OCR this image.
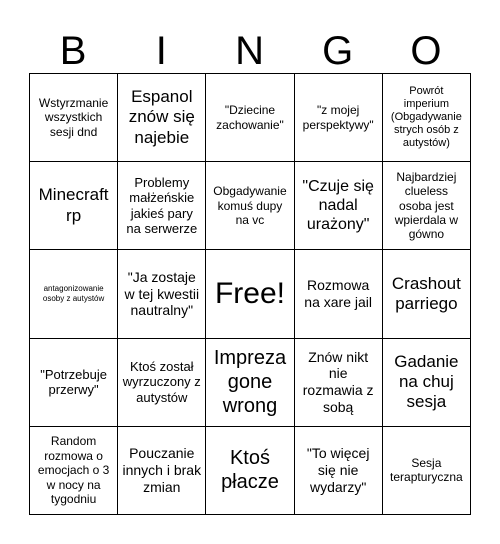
B	I	N	G	O
Wstyrzmanie wszystkich sesji dnd	Espanol znów się najebie	"Dziecine zachowanie"	"z mojej perspektywy"	Powrót imperium (Obgadywanie strych osób z autystów)
Minecraft rp	Problemy małżeńskie jakieś pary na serwerze	Obgadywanie komuś dupy na vc	"Czuje się nadal urażony"	Najbardziej clueless osoba jest wpierdala w gówno
antagonizowanie osoby z autystów	"Ja zostaje w tej kwestii nautralny"	Free!	Rozmowa na xare jail	Crashout parriego
"Potrzebuje przerwy"	Ktoś został wyrzuczony z autystów	Impreza gone wrong	Znów nikt nie rozmawia z sobą	Gadanie na chuj sesja
Random rozmowa o emocjach o 3 w nocy na tygodniu	Pouczanie innych i brak zmian	Ktoś płacze	"To więcej się nie wydarzy"	Sesja terapturyczna
